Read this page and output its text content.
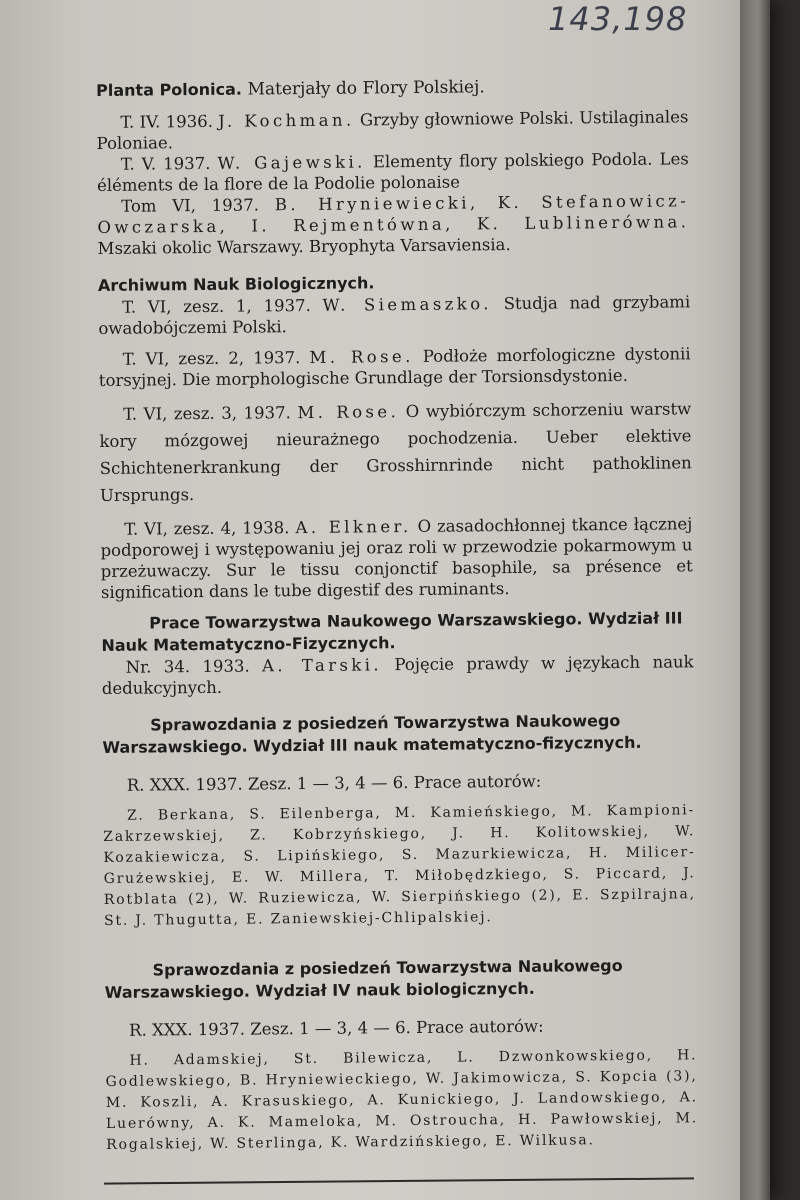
143,198

Planta Polonica. Materjały do Flory Polskiej.

T. IV. 1936. J. Kochman. Grzyby głowniowe Polski. Ustilaginales Poloniae.

T. V. 1937. W. Gajewski. Elementy flory polskiego Podola. Les éléments de la flore de la Podolie polonaise

Tom VI, 1937. B. Hryniewiecki, K. Stefanowicz-Owczarska, I. Rejmentówna, K. Lublinerówna. Mszaki okolic Warszawy. Bryophyta Varsaviensia.

Archiwum Nauk Biologicznych.

T. VI, zesz. 1, 1937. W. Siemaszko. Studja nad grzybami owadobójczemi Polski.

T. VI, zesz. 2, 1937. M. Rose. Podłoże morfologiczne dystonii torsyjnej. Die morphologische Grundlage der Torsionsdystonie.

T. VI, zesz. 3, 1937. M. Rose. O wybiórczym schorzeniu warstw kory mózgowej nieurażnego pochodzenia. Ueber elektive Schichtenerkrankung der Grosshirnrinde nicht pathoklinen Ursprungs.

T. VI, zesz. 4, 1938. A. Elkner. O zasadochłonnej tkance łącznej podporowej i występowaniu jej oraz roli w przewodzie pokarmowym u przeżuwaczy. Sur le tissu conjonctif basophile, sa présence et signification dans le tube digestif des ruminants.

Prace Towarzystwa Naukowego Warszawskiego. Wydział III Nauk Matematyczno-Fizycznych.

Nr. 34. 1933. A. Tarski. Pojęcie prawdy w językach nauk dedukcyjnych.

Sprawozdania z posiedzeń Towarzystwa Naukowego Warszawskiego. Wydział III nauk matematyczno-fizycznych.

R. XXX. 1937. Zesz. 1 — 3, 4 — 6. Prace autorów:

Z. Berkana, S. Eilenberga, M. Kamieńskiego, M. Kampioni-Zakrzewskiej, Z. Kobrzyńskiego, J. H. Kolitowskiej, W. Kozakiewicza, S. Lipińskiego, S. Mazurkiewicza, H. Milicer-Grużewskiej, E. W. Millera, T. Miłobędzkiego, S. Piccard, J. Rotblata (2), W. Ruziewicza, W. Sierpińskiego (2), E. Szpilrajna, St. J. Thugutta, E. Zaniewskiej-Chlipalskiej.

Sprawozdania z posiedzeń Towarzystwa Naukowego Warszawskiego. Wydział IV nauk biologicznych.

R. XXX. 1937. Zesz. 1 — 3, 4 — 6. Prace autorów:

H. Adamskiej, St. Bilewicza, L. Dzwonkowskiego, H. Godlewskiego, B. Hryniewieckiego, W. Jakimowicza, S. Kopcia (3), M. Koszli, A. Krasuskiego, A. Kunickiego, J. Landowskiego, A. Luerówny, A. K. Mameloka, M. Ostroucha, H. Pawłowskiej, M. Rogalskiej, W. Sterlinga, K. Wardzińskiego, E. Wilkusa.
